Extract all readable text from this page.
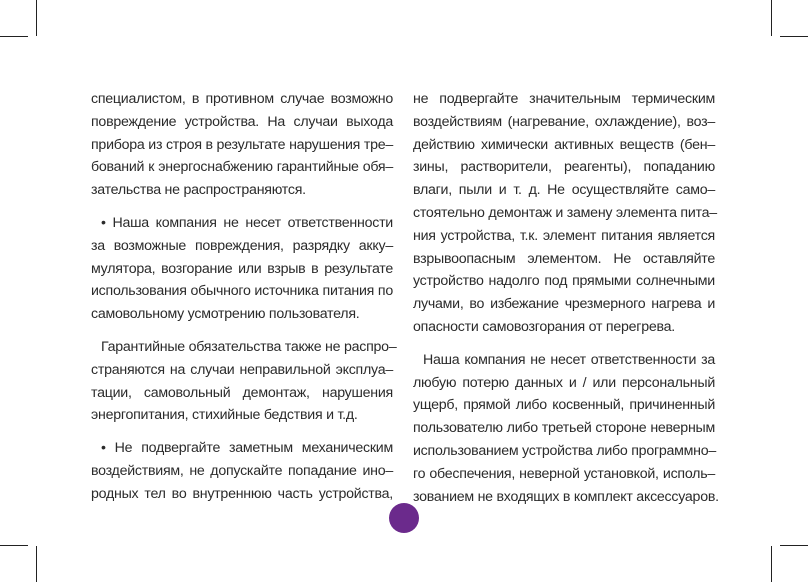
специалистом, в противном случае возможно
повреждение устройства. На случаи выхода
прибора из строя в результате нарушения тре–
бований к энергоснабжению гарантийные обя–
зательства не распространяются.
• Наша компания не несет ответственности
за возможные повреждения, разрядку акку–
мулятора, возгорание или взрыв в результате
использования обычного источника питания по
самовольному усмотрению пользователя.
Гарантийные обязательства также не распро–
страняются на случаи неправильной эксплуа–
тации, самовольный демонтаж, нарушения
энергопитания, стихийные бедствия и т.д.
• Не подвергайте заметным механическим
воздействиям, не допускайте попадание ино–
родных тел во внутреннюю часть устройства,
не подвергайте значительным термическим
воздействиям (нагревание, охлаждение), воз–
действию химически активных веществ (бен–
зины, растворители, реагенты), попаданию
влаги, пыли и т. д. Не осуществляйте само–
стоятельно демонтаж и замену элемента пита–
ния устройства, т.к. элемент питания является
взрывоопасным элементом. Не оставляйте
устройство надолго под прямыми солнечными
лучами, во избежание чрезмерного нагрева и
опасности самовозгорания от перегрева.
Наша компания не несет ответственности за
любую потерю данных и / или персональный
ущерб, прямой либо косвенный, причиненный
пользователю либо третьей стороне неверным
использованием устройства либо программно–
го обеспечения, неверной установкой, исполь–
зованием не входящих в комплект аксессуаров.
